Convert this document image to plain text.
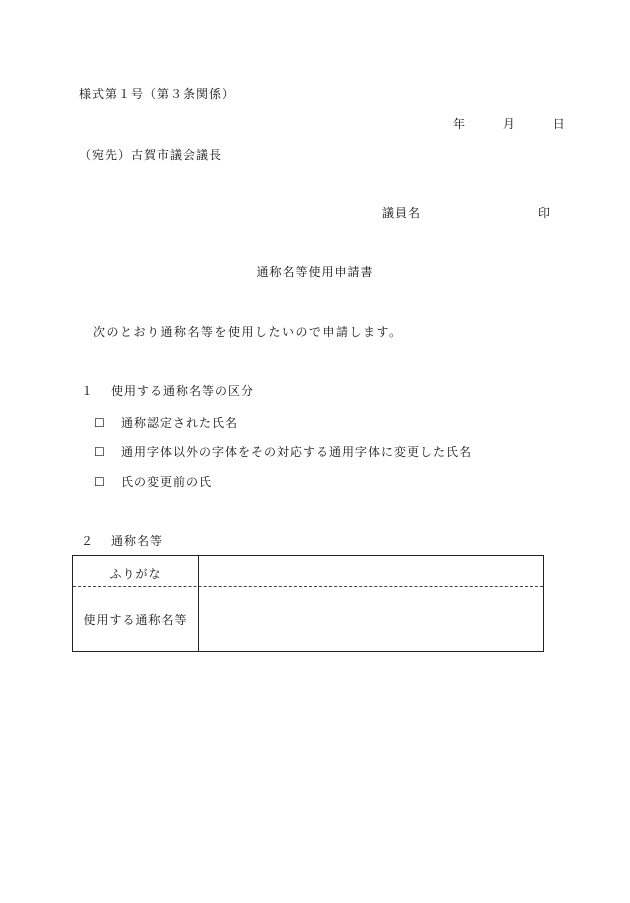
様式第１号（第３条関係）
年	月	日
（宛先）古賀市議会議長
議員名	印
通称名等使用申請書
次のとおり通称名等を使用したいので申請します。
１ 使用する通称名等の区分
☐ 通称認定された氏名
☐ 通用字体以外の字体をその対応する通用字体に変更した氏名
☐ 氏の変更前の氏
２ 通称名等
ふりがな
使用する通称名等
